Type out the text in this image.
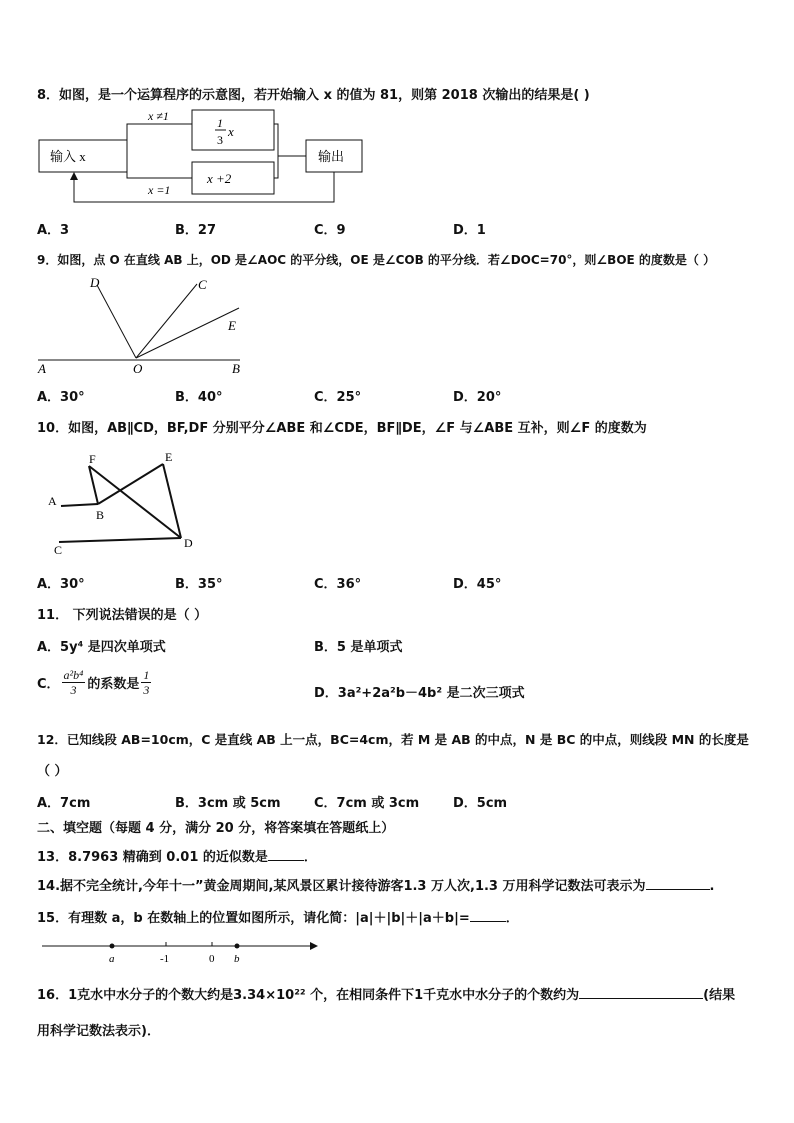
8．如图，是一个运算程序的示意图，若开始输入 x 的值为 81，则第 2018 次输出的结果是( )
输入 x
1
3
x
x +2
x ≠1
x =1
输出
A．3	B．27	C．9	D．1
9．如图，点 O 在直线 AB 上，OD 是∠AOC 的平分线，OE 是∠COB 的平分线．若∠DOC=70°，则∠BOE 的度数是（ ）
D	C
E
A	O	B
A．30°	B．40°	C．25°	D．20°
10．如图，AB∥CD，BF,DF 分别平分∠ABE 和∠CDE，BF∥DE，∠F 与∠ABE 互补，则∠F 的度数为
F	E
A
B
C	D
A．30°	B．35°	C．36°	D．45°
11． 下列说法错误的是（ ）
A．5y⁴ 是四次单项式	B．5 是单项式
C． $\frac{\text{a²b⁴}}{3}$ 的系数是 $\frac{1}{3}$	D．3a²+2a²b－4b² 是二次三项式
12．已知线段 AB=10cm，C 是直线 AB 上一点，BC=4cm，若 M 是 AB 的中点，N 是 BC 的中点，则线段 MN 的长度是
（ ）
A．7cm	B．3cm 或 5cm	C．7cm 或 3cm	D．5cm
二、填空题（每题 4 分，满分 20 分，将答案填在答题纸上）
13．8.7963 精确到 0.01 的近似数是	．
14.据不完全统计,今年十一”黄金周期间,某风景区累计接待游客1.3 万人次,1.3 万用科学记数法可表示为	.
15．有理数 a，b 在数轴上的位置如图所示，请化简：|a|＋|b|＋|a＋b|=	．
a	-1	0 b
16．1克水中水分子的个数大约是3.34×10²² 个，在相同条件下1千克水中水分子的个数约为	(结果
用科学记数法表示)．
